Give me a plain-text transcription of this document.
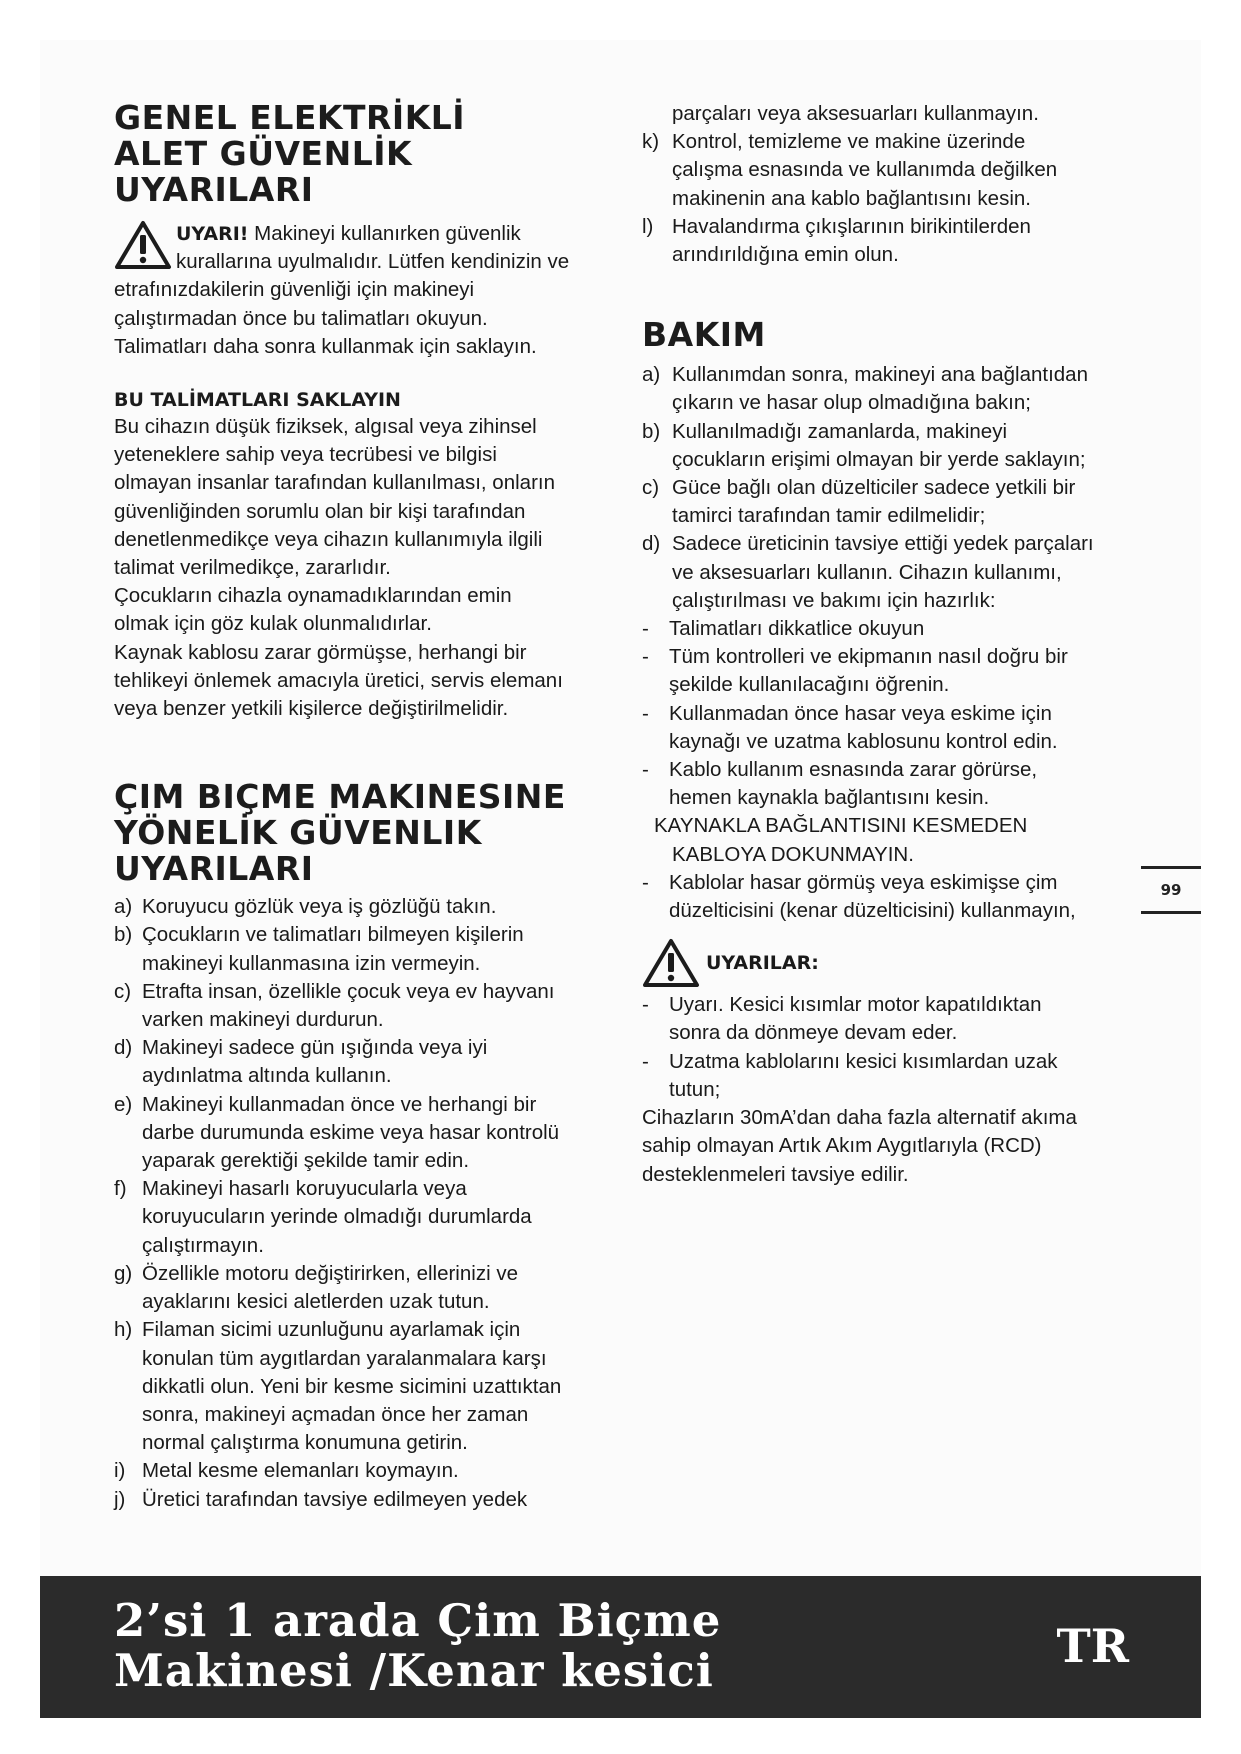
GENEL ELEKTRİKLİ
ALET GÜVENLİK
UYARILARI

UYARI! Makineyi kullanırken güvenlik

kurallarına uyulmalıdır. Lütfen kendinizin ve

etrafınızdakilerin güvenliği için makineyi

çalıştırmadan önce bu talimatları okuyun.

Talimatları daha sonra kullanmak için saklayın.

BU TALİMATLARI SAKLAYIN

Bu cihazın düşük fiziksek, algısal veya zihinsel

yeteneklere sahip veya tecrübesi ve bilgisi

olmayan insanlar tarafından kullanılması, onların

güvenliğinden sorumlu olan bir kişi tarafından

denetlenmedikçe veya cihazın kullanımıyla ilgili

talimat verilmedikçe, zararlıdır.

Çocukların cihazla oynamadıklarından emin

olmak için göz kulak olunmalıdırlar.

Kaynak kablosu zarar görmüşse, herhangi bir

tehlikeyi önlemek amacıyla üretici, servis elemanı

veya benzer yetkili kişilerce değiştirilmelidir.

ÇIM BIÇME MAKINESINE
YÖNELİK GÜVENLIK
UYARILARI
a) Koruyucu gözlük veya iş gözlüğü takın.

b) Çocukların ve talimatları bilmeyen kişilerin

makineyi kullanmasına izin vermeyin.

c) Etrafta insan, özellikle çocuk veya ev hayvanı

varken makineyi durdurun.

d) Makineyi sadece gün ışığında veya iyi

aydınlatma altında kullanın.

e) Makineyi kullanmadan önce ve herhangi bir

darbe durumunda eskime veya hasar kontrolü

yaparak gerektiği şekilde tamir edin.

f) Makineyi hasarlı koruyucularla veya

koruyucuların yerinde olmadığı durumlarda

çalıştırmayın.

g) Özellikle motoru değiştirirken, ellerinizi ve

ayaklarını kesici aletlerden uzak tutun.

h) Filaman sicimi uzunluğunu ayarlamak için

konulan tüm aygıtlardan yaralanmalara karşı

dikkatli olun. Yeni bir kesme sicimini uzattıktan

sonra, makineyi açmadan önce her zaman

normal çalıştırma konumuna getirin.

i) Metal kesme elemanları koymayın.

j) Üretici tarafından tavsiye edilmeyen yedek

parçaları veya aksesuarları kullanmayın.

k) Kontrol, temizleme ve makine üzerinde

çalışma esnasında ve kullanımda değilken

makinenin ana kablo bağlantısını kesin.

l) Havalandırma çıkışlarının birikintilerden

arındırıldığına emin olun.

BAKIM
a) Kullanımdan sonra, makineyi ana bağlantıdan

çıkarın ve hasar olup olmadığına bakın;

b) Kullanılmadığı zamanlarda, makineyi

çocukların erişimi olmayan bir yerde saklayın;

c) Güce bağlı olan düzelticiler sadece yetkili bir

tamirci tarafından tamir edilmelidir;

d) Sadece üreticinin tavsiye ettiği yedek parçaları

ve aksesuarları kullanın. Cihazın kullanımı,

çalıştırılması ve bakımı için hazırlık:

- Talimatları dikkatlice okuyun

- Tüm kontrolleri ve ekipmanın nasıl doğru bir

şekilde kullanılacağını öğrenin.

- Kullanmadan önce hasar veya eskime için

kaynağı ve uzatma kablosunu kontrol edin.

- Kablo kullanım esnasında zarar görürse,

hemen kaynakla bağlantısını kesin.

KAYNAKLA BAĞLANTISINI KESMEDEN

KABLOYA DOKUNMAYIN.

- Kablolar hasar görmüş veya eskimişse çim

düzelticisini (kenar düzelticisini) kullanmayın,

UYARILAR:
- Uyarı. Kesici kısımlar motor kapatıldıktan

sonra da dönmeye devam eder.

- Uzatma kablolarını kesici kısımlardan uzak

tutun;

Cihazların 30mA’dan daha fazla alternatif akıma

sahip olmayan Artık Akım Aygıtlarıyla (RCD)

desteklenmeleri tavsiye edilir.

99
2’si 1 arada Çim Biçme
Makinesi /Kenar kesici	TR
